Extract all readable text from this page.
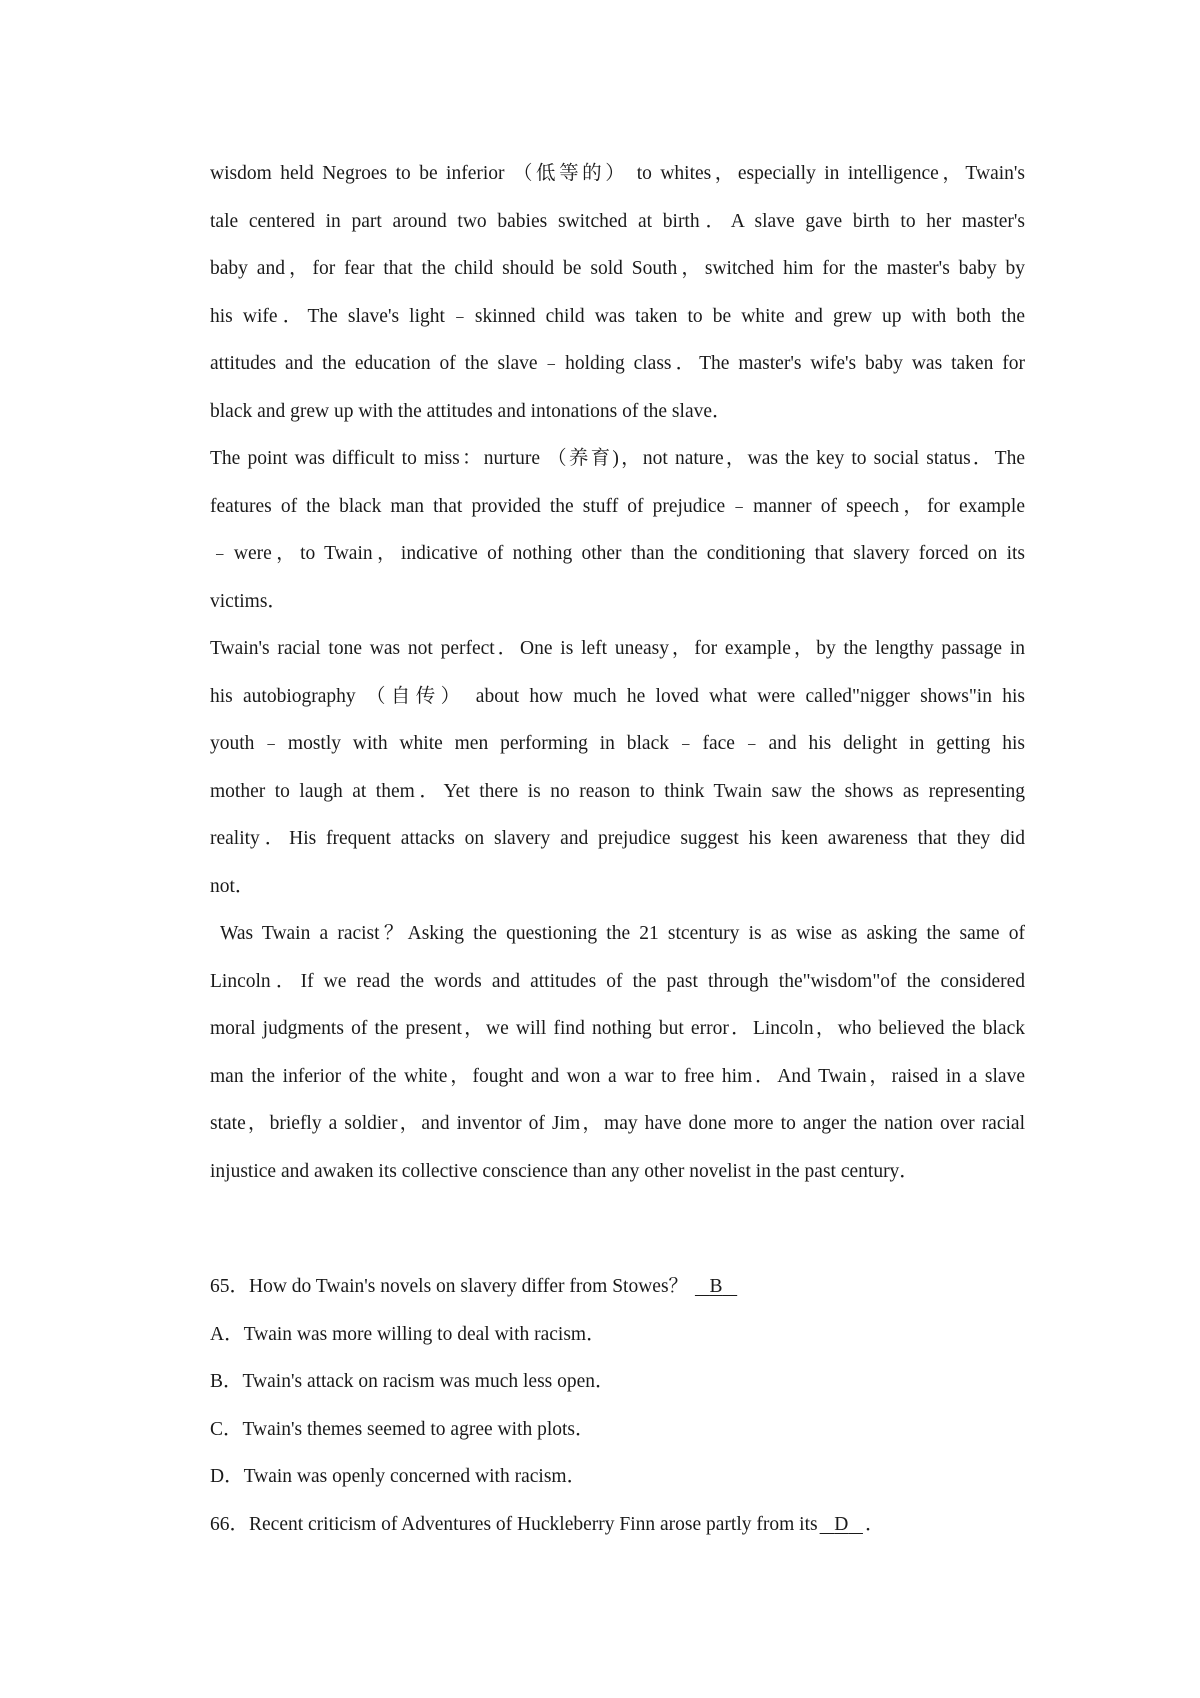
wisdom held Negroes to be inferior （低等的） to whites，especially in intelligence，Twain's
tale centered in part around two babies switched at birth．A slave gave birth to her master's
baby and，for fear that the child should be sold South，switched him for the master's baby by
his wife．The slave's light﹣skinned child was taken to be white and grew up with both the
attitudes and the education of the slave﹣holding class．The master's wife's baby was taken for
black and grew up with the attitudes and intonations of the slave．
The point was difficult to miss：nurture （养育)，not nature，was the key to social status．The
features of the black man that provided the stuff of prejudice﹣manner of speech，for example
﹣were，to Twain，indicative of nothing other than the conditioning that slavery forced on its
victims．
Twain's racial tone was not perfect．One is left uneasy，for example，by the lengthy passage in
his autobiography （自传） about how much he loved what were called"nigger shows"in his
youth﹣mostly with white men performing in black﹣face﹣and his delight in getting his
mother to laugh at them．Yet there is no reason to think Twain saw the shows as representing
reality．His frequent attacks on slavery and prejudice suggest his keen awareness that they did
not．
Was Twain a racist？Asking the questioning the 21 stcentury is as wise as asking the same of
Lincoln．If we read the words and attitudes of the past through the"wisdom"of the considered
moral judgments of the present，we will find nothing but error．Lincoln，who believed the black
man the inferior of the white，fought and won a war to free him．And Twain，raised in a slave
state，briefly a soldier，and inventor of Jim，may have done more to anger the nation over racial
injustice and awaken its collective conscience than any other novelist in the past century．
65．How do Twain's novels on slavery differ from Stowes？ B
A．Twain was more willing to deal with racism．
B．Twain's attack on racism was much less open．
C．Twain's themes seemed to agree with plots．
D．Twain was openly concerned with racism．
66．Recent criticism of Adventures of Huckleberry Finn arose partly from its D ．
